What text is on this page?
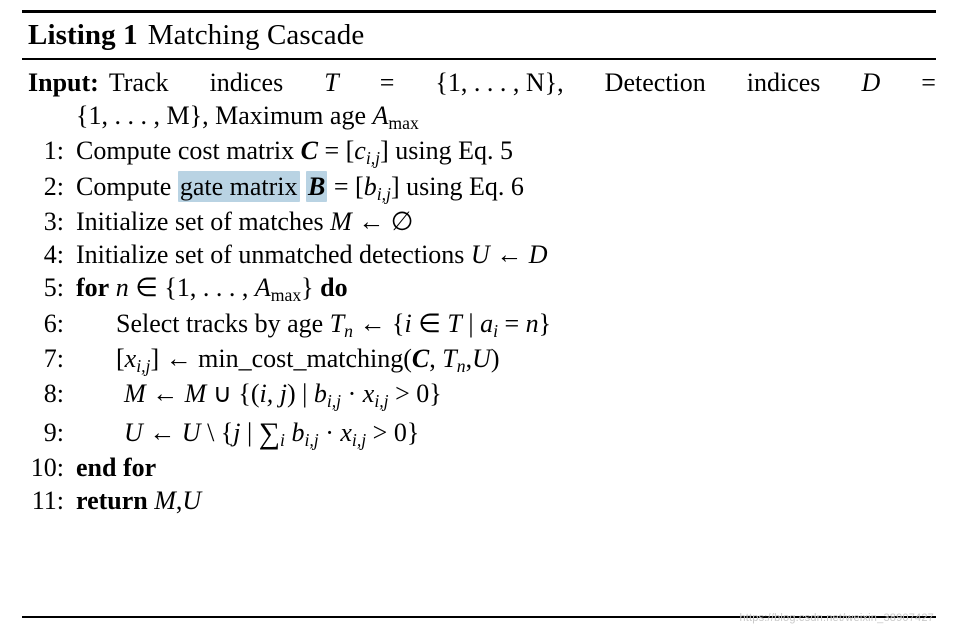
Listing 1 Matching Cascade
Input: Track indices T = {1, . . . , N}, Detection indices D =
{1, . . . , M}, Maximum age Amax
1: Compute cost matrix $C = [c_{i,j}]$ using Eq. 5
2: Compute gate matrix $B = [b_{i,j}]$ using Eq. 6
3: Initialize set of matches M ← ∅
4: Initialize set of unmatched detections U ← D
5: for n ∈ {1, . . . , Amax} do
6:	Select tracks by age $T_n$ ← {i ∈ T | $a_i = n$}
7:	$[x_{i,j}]$ ← min_cost_matching(C, $T_n,U$)
8:	M ← M ∪ {(i, j) | $b_{i,j} \cdot x_{i,j} > 0$}
9:	U ← U \ {j | $\sum_i$ $b_{i,j} \cdot x_{i,j} > 0$}
10: end for
11: return M,U
https://blog.csdn.net/weixin_38907427
